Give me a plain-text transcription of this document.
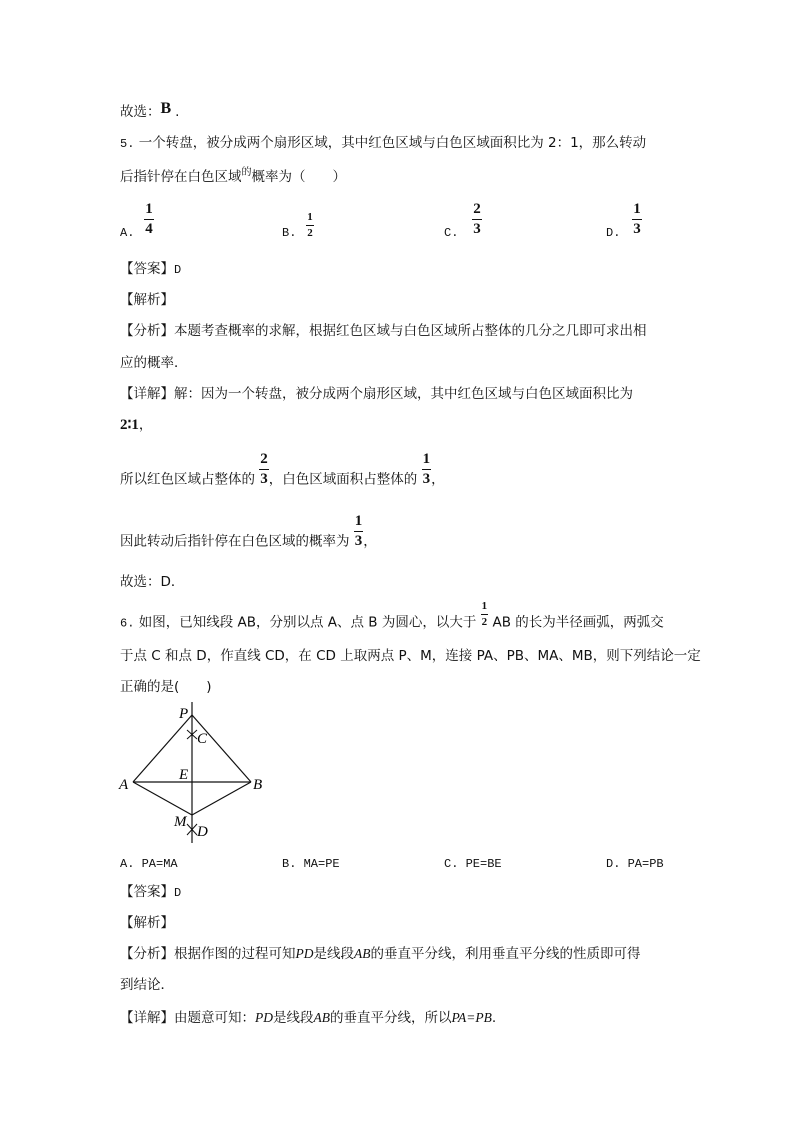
故选：B .
5. 一个转盘，被分成两个扇形区域，其中红色区域与白色区域面积比为 2：1，那么转动
后指针停在白色区域$^的$概率为（　　）
A. $\frac{1}{4}$	B. $\frac{1}{2}$	C. $\frac{2}{3}$	D. $\frac{1}{3}$
【答案】D
【解析】
【分析】本题考查概率的求解，根据红色区域与白色区域所占整体的几分之几即可求出相
应的概率．
【详解】解：因为一个转盘，被分成两个扇形区域，其中红色区域与白色区域面积比为
2∶1，
所以红色区域占整体的 $\frac{2}{3}$ ，白色区域面积占整体的 $\frac{1}{3}$ ，
因此转动后指针停在白色区域的概率为 $\frac{1}{3}$ ，
故选：D．
6. 如图，已知线段 AB，分别以点 A、点 B 为圆心，以大于 $\frac{1}{2}$ AB 的长为半径画弧，两弧交
于点 C 和点 D，作直线 CD，在 CD 上取两点 P、M，连接 PA、PB、MA、MB，则下列结论一定
正确的是(　　)
P
C
A
E
B
M
D
A. PA=MA	B. MA=PE	C. PE=BE	D. PA=PB
【答案】D
【解析】
【分析】根据作图的过程可知PD是线段AB的垂直平分线，利用垂直平分线的性质即可得
到结论．
【详解】由题意可知：PD是线段AB的垂直平分线，所以PA=PB.
